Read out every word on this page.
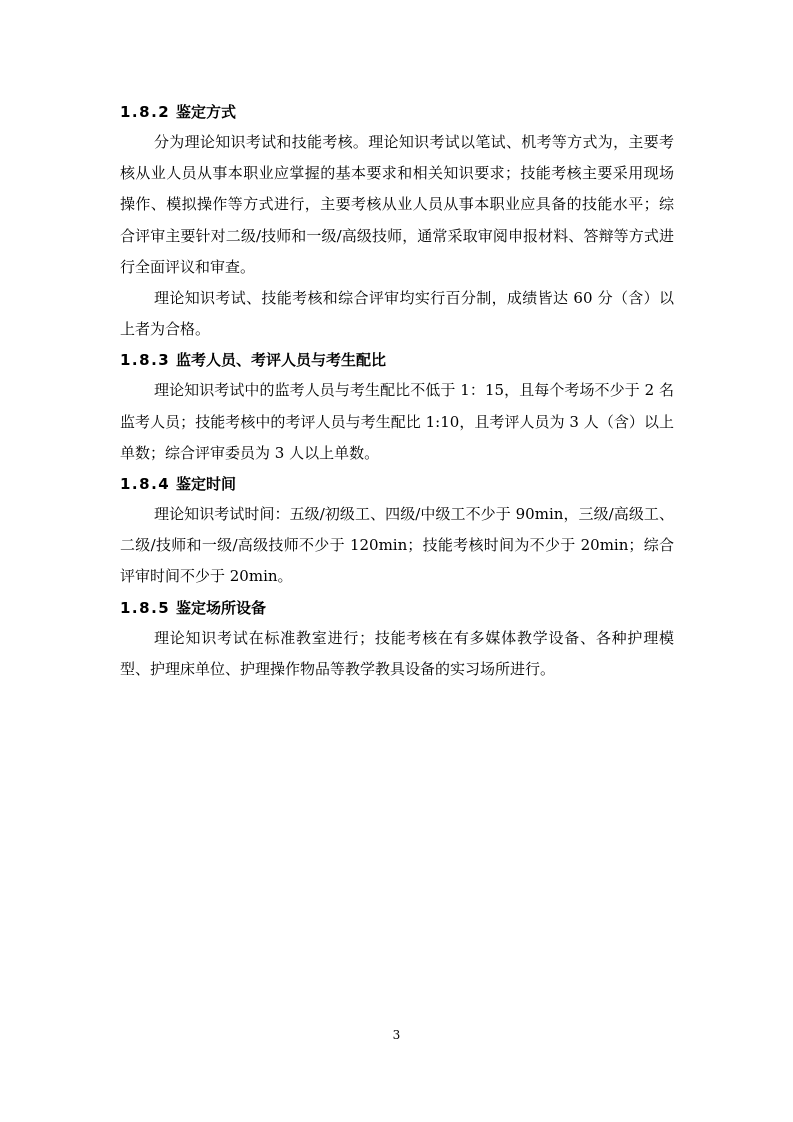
1.8.2 鉴定方式

分为理论知识考试和技能考核。理论知识考试以笔试、机考等方式为，主要考核从业人员从事本职业应掌握的基本要求和相关知识要求；技能考核主要采用现场操作、模拟操作等方式进行，主要考核从业人员从事本职业应具备的技能水平；综合评审主要针对二级/技师和一级/高级技师，通常采取审阅申报材料、答辩等方式进行全面评议和审查。

理论知识考试、技能考核和综合评审均实行百分制，成绩皆达 60 分（含）以上者为合格。

1.8.3 监考人员、考评人员与考生配比

理论知识考试中的监考人员与考生配比不低于 1：15，且每个考场不少于 2 名监考人员；技能考核中的考评人员与考生配比 1:10，且考评人员为 3 人（含）以上单数；综合评审委员为 3 人以上单数。

1.8.4 鉴定时间

理论知识考试时间：五级/初级工、四级/中级工不少于 90min，三级/高级工、二级/技师和一级/高级技师不少于 120min；技能考核时间为不少于 20min；综合评审时间不少于 20min。

1.8.5 鉴定场所设备

理论知识考试在标准教室进行；技能考核在有多媒体教学设备、各种护理模型、护理床单位、护理操作物品等教学教具设备的实习场所进行。

3
